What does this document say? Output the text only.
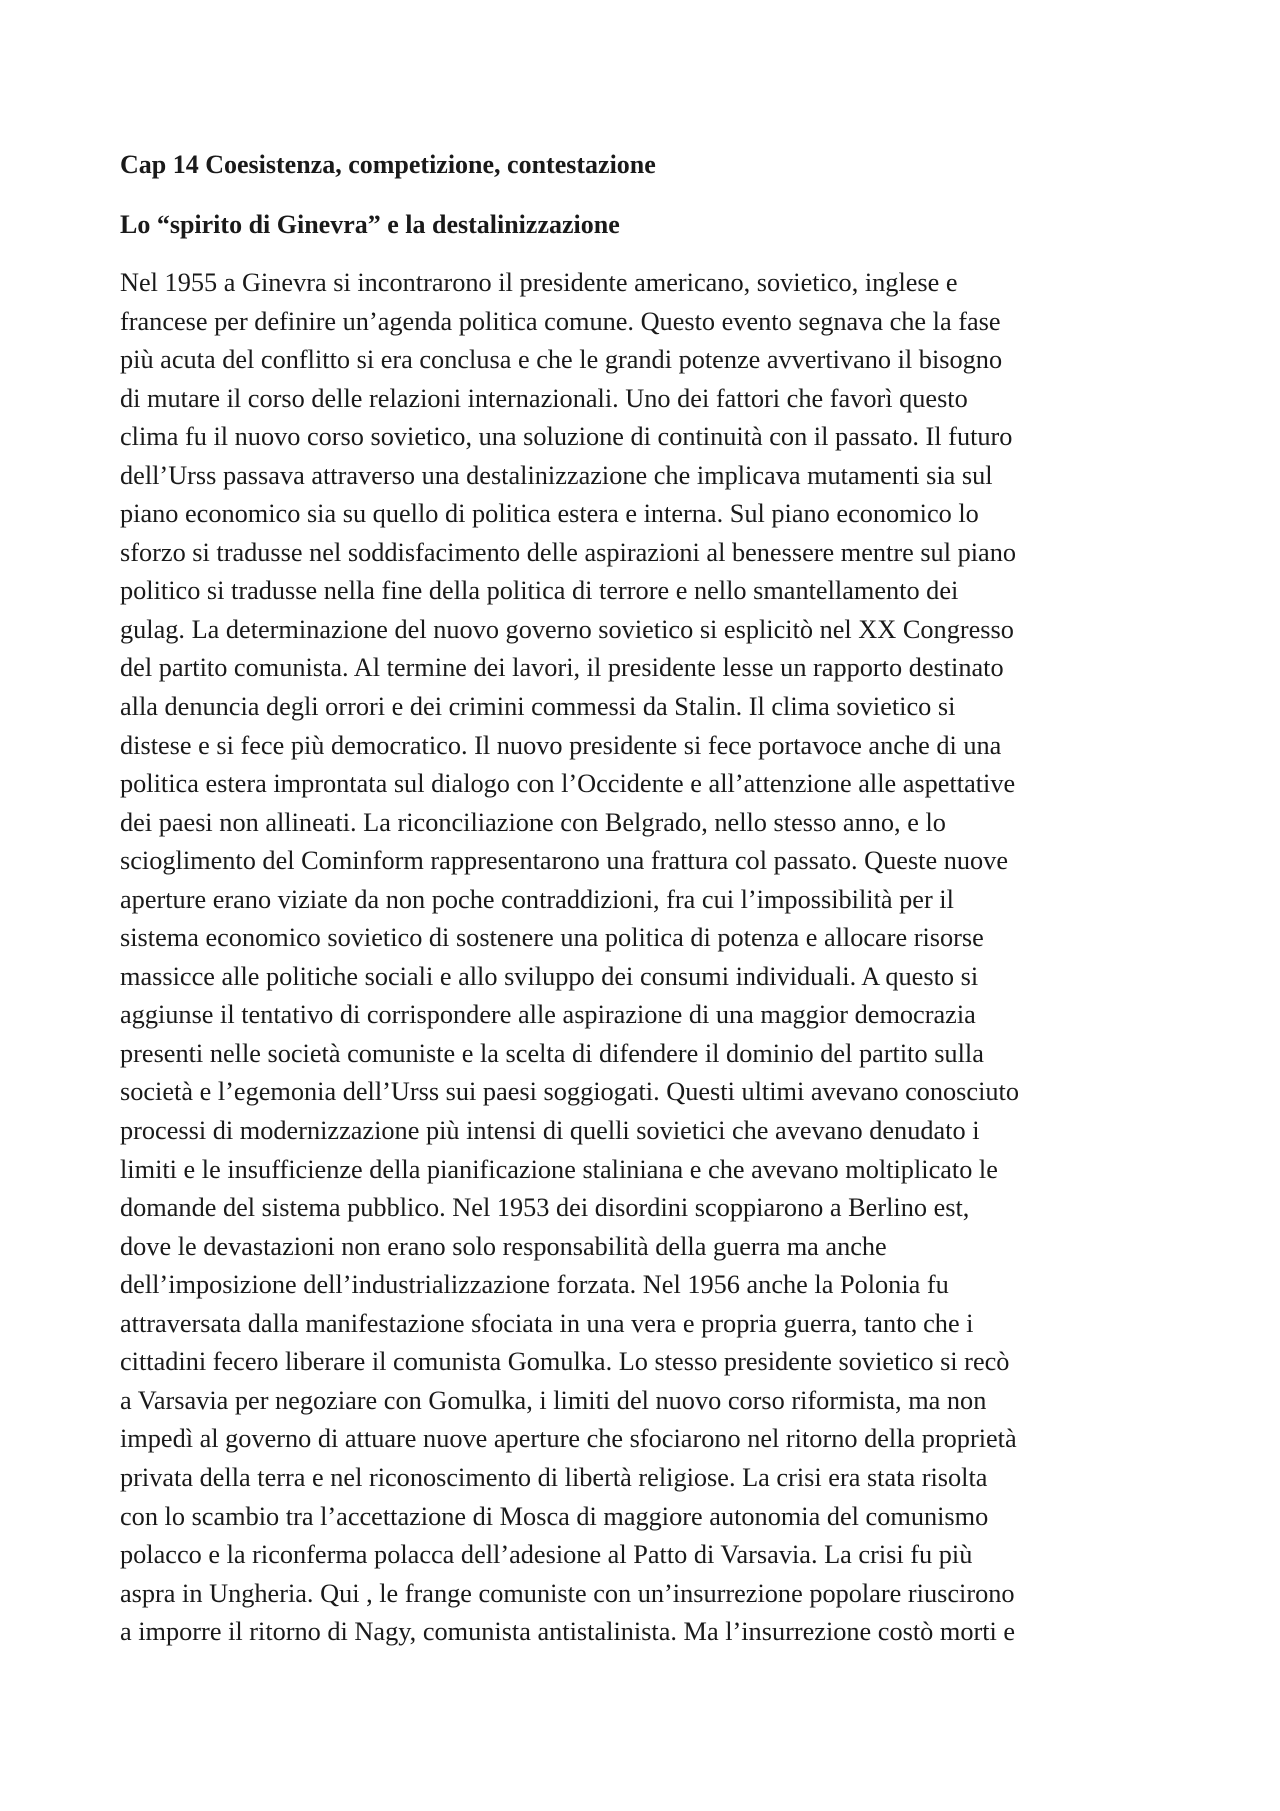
Cap 14 Coesistenza, competizione, contestazione
Lo “spirito di Ginevra” e la destalinizzazione
Nel 1955 a Ginevra si incontrarono il presidente americano, sovietico, inglese e
francese per definire un’agenda politica comune. Questo evento segnava che la fase
più acuta del conflitto si era conclusa e che le grandi potenze avvertivano il bisogno
di mutare il corso delle relazioni internazionali. Uno dei fattori che favorì questo
clima fu il nuovo corso sovietico, una soluzione di continuità con il passato. Il futuro
dell’Urss passava attraverso una destalinizzazione che implicava mutamenti sia sul
piano economico sia su quello di politica estera e interna. Sul piano economico lo
sforzo si tradusse nel soddisfacimento delle aspirazioni al benessere mentre sul piano
politico si tradusse nella fine della politica di terrore e nello smantellamento dei
gulag. La determinazione del nuovo governo sovietico si esplicitò nel XX Congresso
del partito comunista. Al termine dei lavori, il presidente lesse un rapporto destinato
alla denuncia degli orrori e dei crimini commessi da Stalin. Il clima sovietico si
distese e si fece più democratico. Il nuovo presidente si fece portavoce anche di una
politica estera improntata sul dialogo con l’Occidente e all’attenzione alle aspettative
dei paesi non allineati. La riconciliazione con Belgrado, nello stesso anno, e lo
scioglimento del Cominform rappresentarono una frattura col passato. Queste nuove
aperture erano viziate da non poche contraddizioni, fra cui l’impossibilità per il
sistema economico sovietico di sostenere una politica di potenza e allocare risorse
massicce alle politiche sociali e allo sviluppo dei consumi individuali. A questo si
aggiunse il tentativo di corrispondere alle aspirazione di una maggior democrazia
presenti nelle società comuniste e la scelta di difendere il dominio del partito sulla
società e l’egemonia dell’Urss sui paesi soggiogati. Questi ultimi avevano conosciuto
processi di modernizzazione più intensi di quelli sovietici che avevano denudato i
limiti e le insufficienze della pianificazione staliniana e che avevano moltiplicato le
domande del sistema pubblico. Nel 1953 dei disordini scoppiarono a Berlino est,
dove le devastazioni non erano solo responsabilità della guerra ma anche
dell’imposizione dell’industrializzazione forzata. Nel 1956 anche la Polonia fu
attraversata dalla manifestazione sfociata in una vera e propria guerra, tanto che i
cittadini fecero liberare il comunista Gomulka. Lo stesso presidente sovietico si recò
a Varsavia per negoziare con Gomulka, i limiti del nuovo corso riformista, ma non
impedì al governo di attuare nuove aperture che sfociarono nel ritorno della proprietà
privata della terra e nel riconoscimento di libertà religiose. La crisi era stata risolta
con lo scambio tra l’accettazione di Mosca di maggiore autonomia del comunismo
polacco e la riconferma polacca dell’adesione al Patto di Varsavia. La crisi fu più
aspra in Ungheria. Qui , le frange comuniste con un’insurrezione popolare riuscirono
a imporre il ritorno di Nagy, comunista antistalinista. Ma l’insurrezione costò morti e
